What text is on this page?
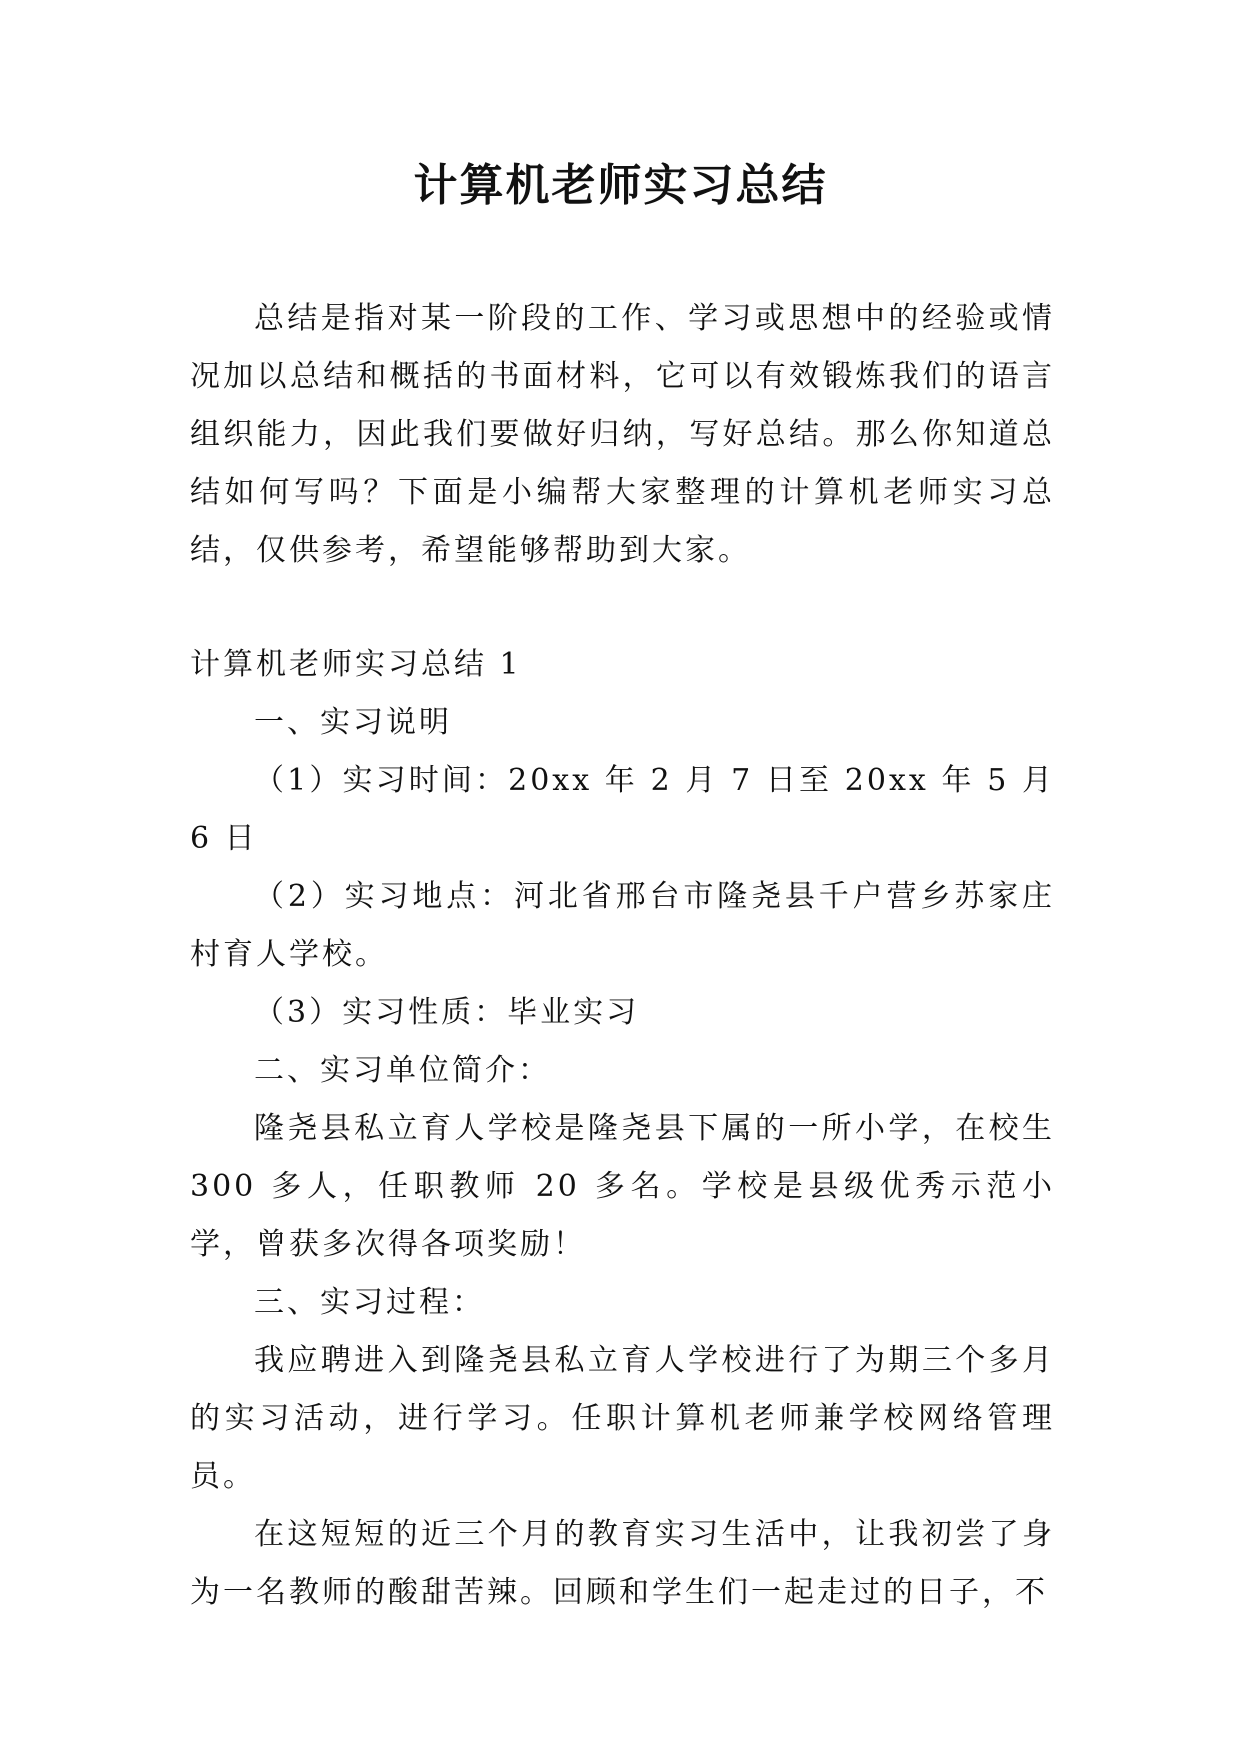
计算机老师实习总结

总结是指对某一阶段的工作、学习或思想中的经验或情况加以总结和概括的书面材料，它可以有效锻炼我们的语言组织能力，因此我们要做好归纳，写好总结。那么你知道总结如何写吗？下面是小编帮大家整理的计算机老师实习总结，仅供参考，希望能够帮助到大家。

计算机老师实习总结 1

一、实习说明

（1）实习时间：20xx 年 2 月 7 日至 20xx 年 5 月 6 日

（2）实习地点：河北省邢台市隆尧县千户营乡苏家庄村育人学校。

（3）实习性质：毕业实习

二、实习单位简介：

隆尧县私立育人学校是隆尧县下属的一所小学，在校生 300 多人，任职教师 20 多名。学校是县级优秀示范小学，曾获多次得各项奖励！

三、实习过程：

我应聘进入到隆尧县私立育人学校进行了为期三个多月的实习活动，进行学习。任职计算机老师兼学校网络管理员。

在这短短的近三个月的教育实习生活中，让我初尝了身为一名教师的酸甜苦辣。回顾和学生们一起走过的日子，不
